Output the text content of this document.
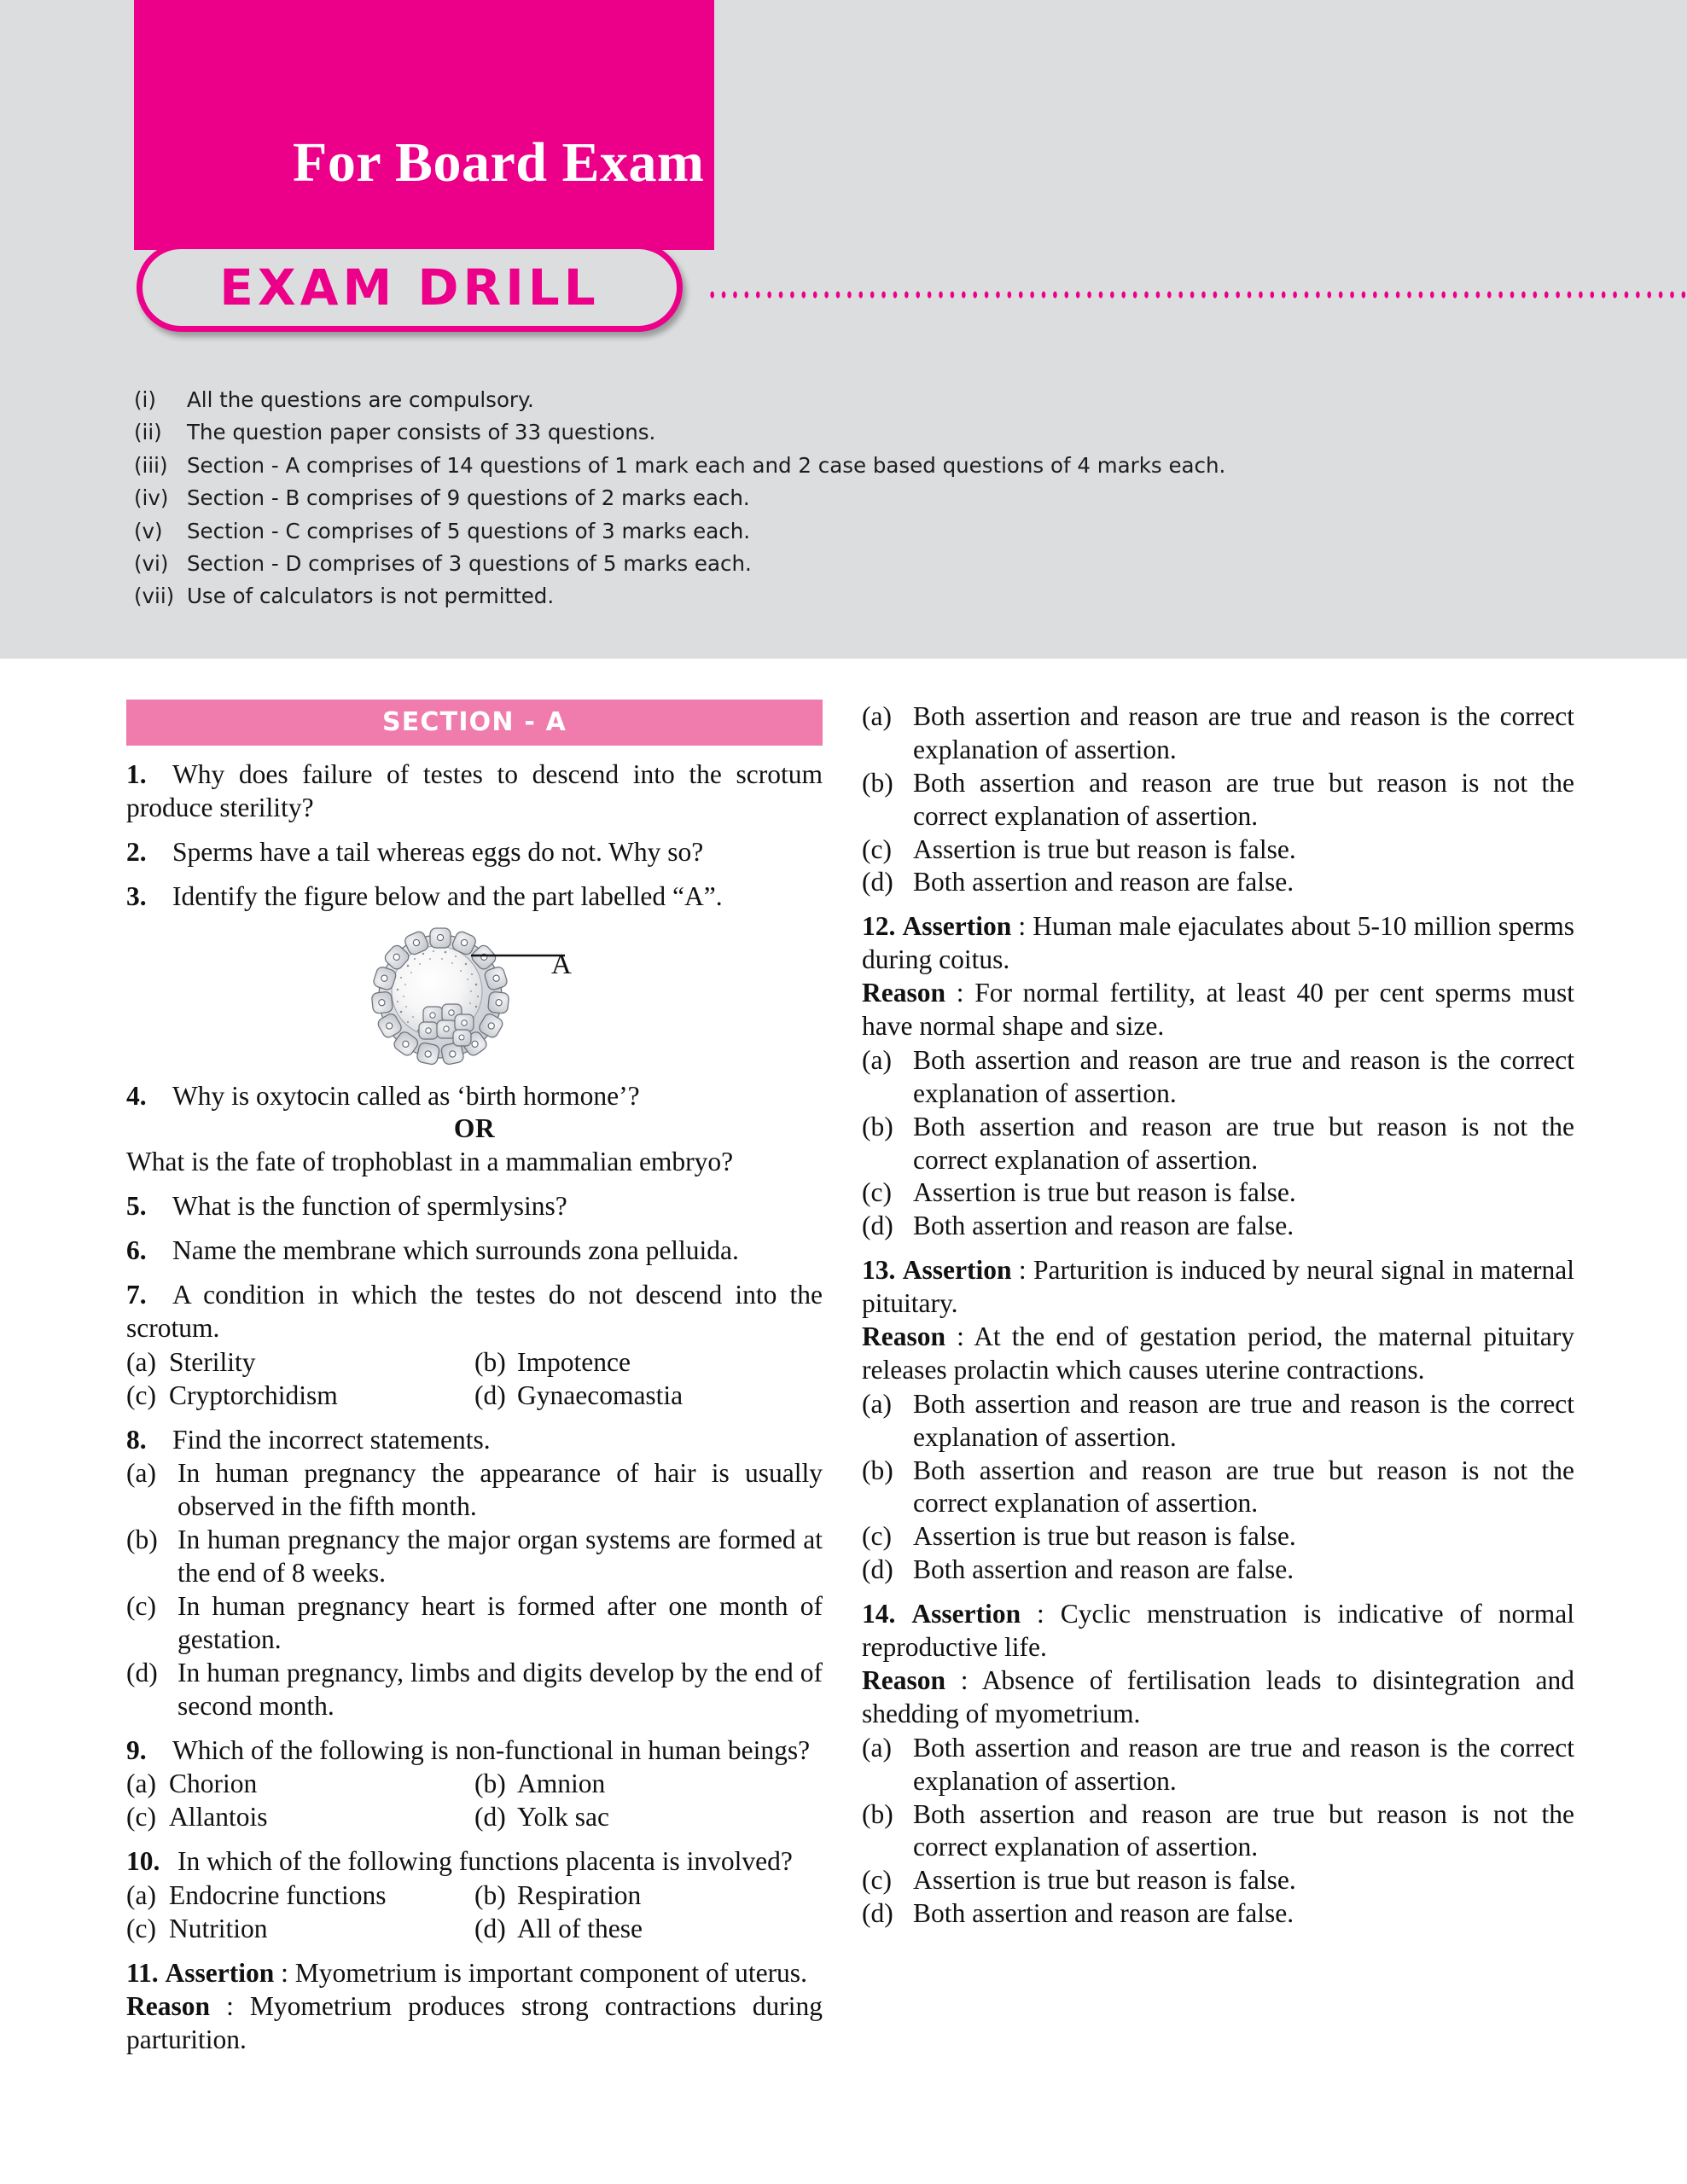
For Board Exam
EXAM DRILL
(i)	All the questions are compulsory.
(ii)	The question paper consists of 33 questions.
(iii) Section - A comprises of 14 questions of 1 mark each and 2 case based questions of 4 marks each.
(iv) Section - B comprises of 9 questions of 2 marks each.
(v)	Section - C comprises of 5 questions of 3 marks each.
(vi) Section - D comprises of 3 questions of 5 marks each.
(vii) Use of calculators is not permitted.
SECTION - A
1. Why does failure of testes to descend into the scrotum produce sterility?
2. Sperms have a tail whereas eggs do not. Why so?
3. Identify the figure below and the part labelled “A”.
A
4. Why is oxytocin called as ‘birth hormone’?
OR
What is the fate of trophoblast in a mammalian embryo?
5. What is the function of spermlysins?
6. Name the membrane which surrounds zona pelluida.
7. A condition in which the testes do not descend into the scrotum.
(a) Sterility	(b) Impotence
(c) Cryptorchidism	(d) Gynaecomastia
8. Find the incorrect statements.
(a) In human pregnancy the appearance of hair is usually observed in the fifth month.
(b) In human pregnancy the major organ systems are formed at the end of 8 weeks.
(c) In human pregnancy heart is formed after one month of gestation.
(d) In human pregnancy, limbs and digits develop by the end of second month.
9. Which of the following is non-functional in human beings?
(a) Chorion	(b) Amnion
(c) Allantois	(d) Yolk sac
10. In which of the following functions placenta is involved?
(a) Endocrine functions	(b) Respiration
(c) Nutrition	(d) All of these
11. Assertion : Myometrium is important component of uterus.
Reason : Myometrium produces strong contractions during parturition.
(a) Both assertion and reason are true and reason is the correct explanation of assertion.
(b) Both assertion and reason are true but reason is not the correct explanation of assertion.
(c) Assertion is true but reason is false.
(d) Both assertion and reason are false.
12. Assertion : Human male ejaculates about 5-10 million sperms during coitus.
Reason : For normal fertility, at least 40 per cent sperms must have normal shape and size.
(a) Both assertion and reason are true and reason is the correct explanation of assertion.
(b) Both assertion and reason are true but reason is not the correct explanation of assertion.
(c) Assertion is true but reason is false.
(d) Both assertion and reason are false.
13. Assertion : Parturition is induced by neural signal in maternal pituitary.
Reason : At the end of gestation period, the maternal pituitary releases prolactin which causes uterine contractions.
(a) Both assertion and reason are true and reason is the correct explanation of assertion.
(b) Both assertion and reason are true but reason is not the correct explanation of assertion.
(c) Assertion is true but reason is false.
(d) Both assertion and reason are false.
14. Assertion : Cyclic menstruation is indicative of normal reproductive life.
Reason : Absence of fertilisation leads to disintegration and shedding of myometrium.
(a) Both assertion and reason are true and reason is the correct explanation of assertion.
(b) Both assertion and reason are true but reason is not the correct explanation of assertion.
(c) Assertion is true but reason is false.
(d) Both assertion and reason are false.
